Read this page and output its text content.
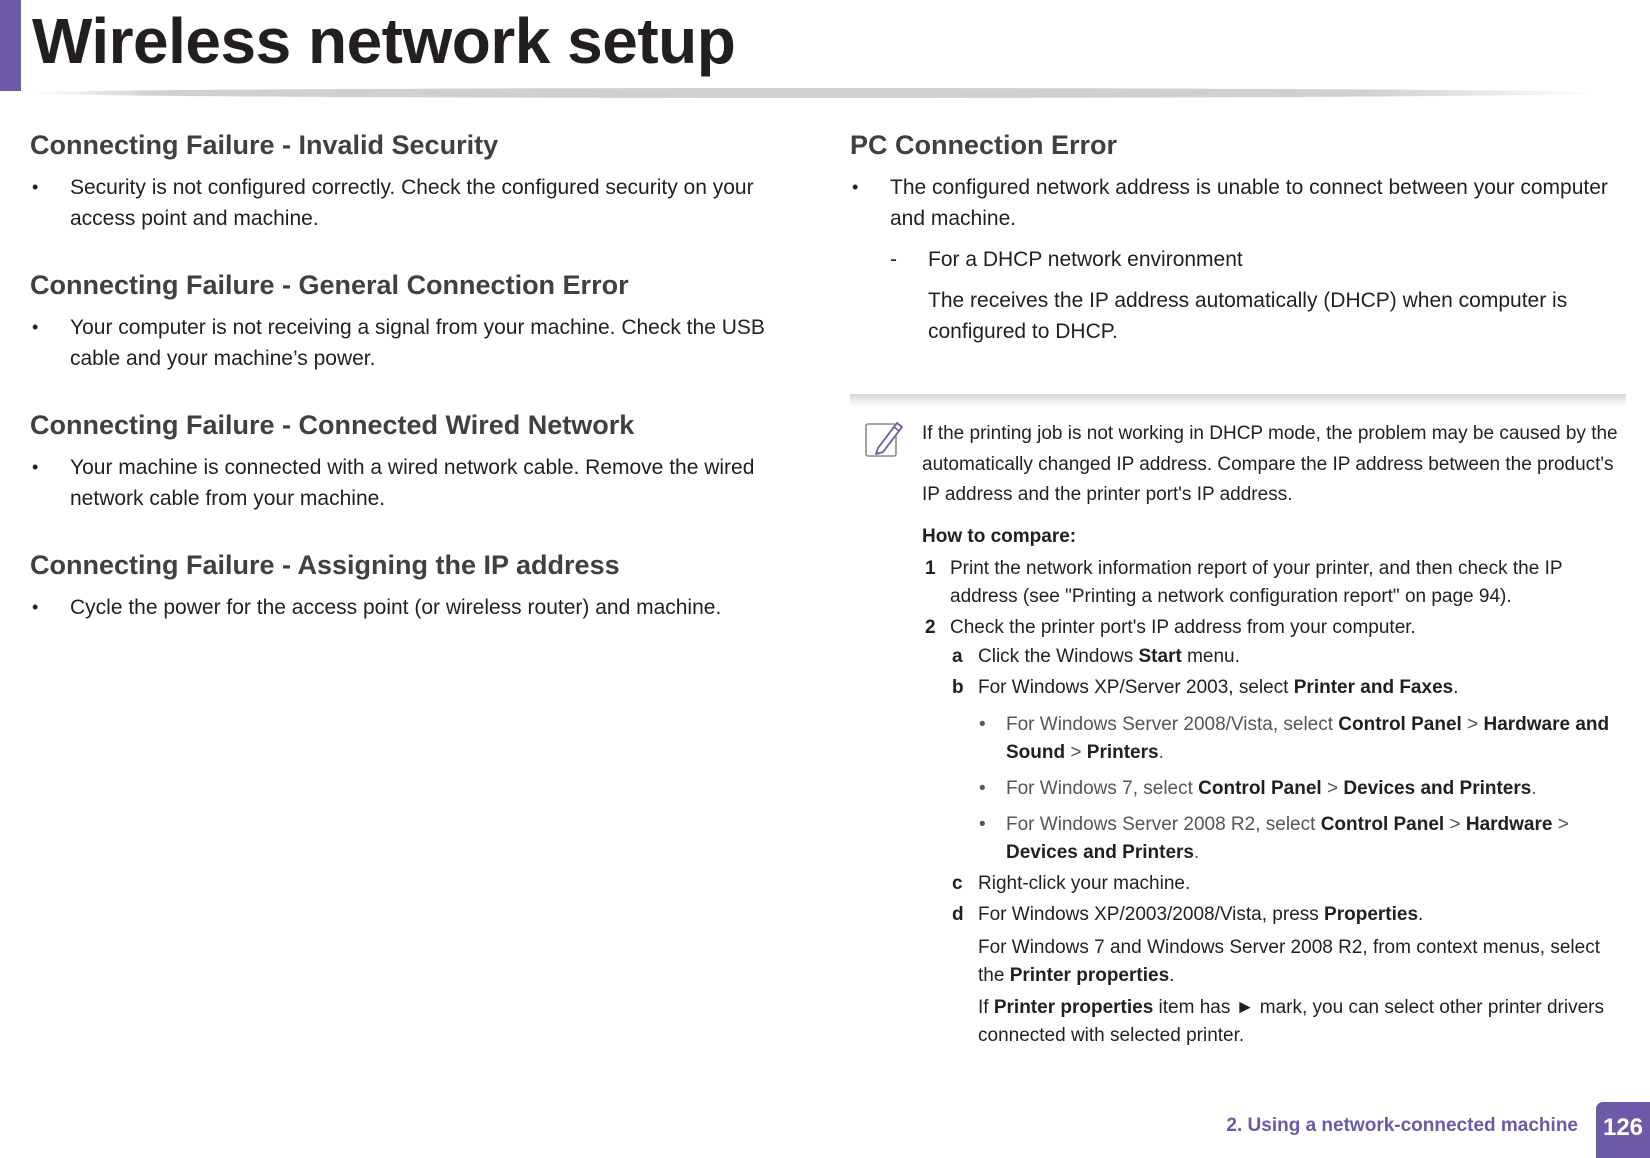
Wireless network setup
Connecting Failure - Invalid Security
• Security is not configured correctly. Check the configured security on your access point and machine.
Connecting Failure - General Connection Error
• Your computer is not receiving a signal from your machine. Check the USB cable and your machine’s power.
Connecting Failure - Connected Wired Network
• Your machine is connected with a wired network cable. Remove the wired network cable from your machine.
Connecting Failure - Assigning the IP address
• Cycle the power for the access point (or wireless router) and machine.
PC Connection Error
• The configured network address is unable to connect between your computer and machine.
- For a DHCP network environment
The receives the IP address automatically (DHCP) when computer is configured to DHCP.

If the printing job is not working in DHCP mode, the problem may be caused by the automatically changed IP address. Compare the IP address between the product's IP address and the printer port's IP address.

How to compare:
1 Print the network information report of your printer, and then check the IP address (see "Printing a network configuration report" on page 94).
2 Check the printer port's IP address from your computer.
a Click the Windows Start menu.
b For Windows XP/Server 2003, select Printer and Faxes.
• For Windows Server 2008/Vista, select Control Panel > Hardware and Sound > Printers.
• For Windows 7, select Control Panel > Devices and Printers.
• For Windows Server 2008 R2, select Control Panel > Hardware > Devices and Printers.
c Right-click your machine.
d For Windows XP/2003/2008/Vista, press Properties.
For Windows 7 and Windows Server 2008 R2, from context menus, select the Printer properties.
If Printer properties item has ► mark, you can select other printer drivers connected with selected printer.
2. Using a network-connected machine 126
